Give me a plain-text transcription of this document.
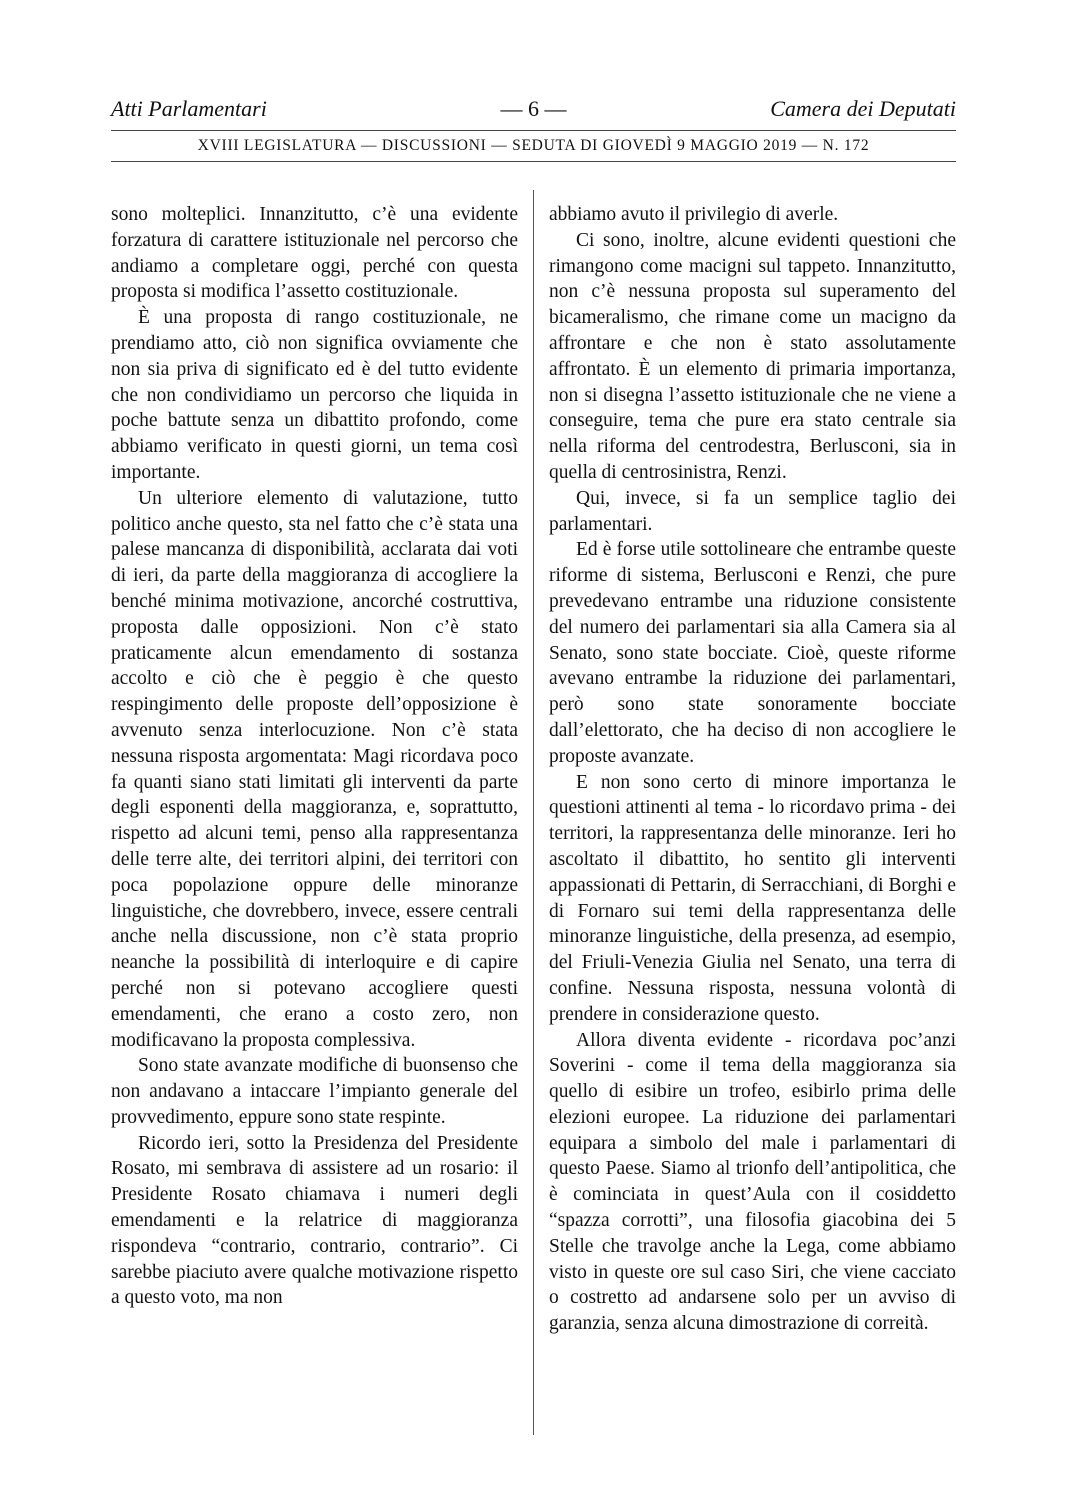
Atti Parlamentari	— 6 —	Camera dei Deputati
XVIII LEGISLATURA — DISCUSSIONI — SEDUTA DI GIOVEDÌ 9 MAGGIO 2019 — N. 172

sono molteplici. Innanzitutto, c’è una evidente forzatura di carattere istituzionale nel percorso che andiamo a completare oggi, perché con questa proposta si modifica l’assetto costituzionale.

È una proposta di rango costituzionale, ne prendiamo atto, ciò non significa ovviamente che non sia priva di significato ed è del tutto evidente che non condividiamo un percorso che liquida in poche battute senza un dibattito profondo, come abbiamo verificato in questi giorni, un tema così importante.

Un ulteriore elemento di valutazione, tutto politico anche questo, sta nel fatto che c’è stata una palese mancanza di disponibilità, acclarata dai voti di ieri, da parte della maggioranza di accogliere la benché minima motivazione, ancorché costruttiva, proposta dalle opposizioni. Non c’è stato praticamente alcun emendamento di sostanza accolto e ciò che è peggio è che questo respingimento delle proposte dell’opposizione è avvenuto senza interlocuzione. Non c’è stata nessuna risposta argomentata: Magi ricordava poco fa quanti siano stati limitati gli interventi da parte degli esponenti della maggioranza, e, soprattutto, rispetto ad alcuni temi, penso alla rappresentanza delle terre alte, dei territori alpini, dei territori con poca popolazione oppure delle minoranze linguistiche, che dovrebbero, invece, essere centrali anche nella discussione, non c’è stata proprio neanche la possibilità di interloquire e di capire perché non si potevano accogliere questi emendamenti, che erano a costo zero, non modificavano la proposta complessiva.

Sono state avanzate modifiche di buonsenso che non andavano a intaccare l’impianto generale del provvedimento, eppure sono state respinte.

Ricordo ieri, sotto la Presidenza del Presidente Rosato, mi sembrava di assistere ad un rosario: il Presidente Rosato chiamava i numeri degli emendamenti e la relatrice di maggioranza rispondeva “contrario, contrario, contrario”. Ci sarebbe piaciuto avere qualche motivazione rispetto a questo voto, ma non

abbiamo avuto il privilegio di averle.

Ci sono, inoltre, alcune evidenti questioni che rimangono come macigni sul tappeto. Innanzitutto, non c’è nessuna proposta sul superamento del bicameralismo, che rimane come un macigno da affrontare e che non è stato assolutamente affrontato. È un elemento di primaria importanza, non si disegna l’assetto istituzionale che ne viene a conseguire, tema che pure era stato centrale sia nella riforma del centrodestra, Berlusconi, sia in quella di centrosinistra, Renzi.

Qui, invece, si fa un semplice taglio dei parlamentari.

Ed è forse utile sottolineare che entrambe queste riforme di sistema, Berlusconi e Renzi, che pure prevedevano entrambe una riduzione consistente del numero dei parlamentari sia alla Camera sia al Senato, sono state bocciate. Cioè, queste riforme avevano entrambe la riduzione dei parlamentari, però sono state sonoramente bocciate dall’elettorato, che ha deciso di non accogliere le proposte avanzate.

E non sono certo di minore importanza le questioni attinenti al tema - lo ricordavo prima - dei territori, la rappresentanza delle minoranze. Ieri ho ascoltato il dibattito, ho sentito gli interventi appassionati di Pettarin, di Serracchiani, di Borghi e di Fornaro sui temi della rappresentanza delle minoranze linguistiche, della presenza, ad esempio, del Friuli-Venezia Giulia nel Senato, una terra di confine. Nessuna risposta, nessuna volontà di prendere in considerazione questo.

Allora diventa evidente - ricordava poc’anzi Soverini - come il tema della maggioranza sia quello di esibire un trofeo, esibirlo prima delle elezioni europee. La riduzione dei parlamentari equipara a simbolo del male i parlamentari di questo Paese. Siamo al trionfo dell’antipolitica, che è cominciata in quest’Aula con il cosiddetto “spazza corrotti”, una filosofia giacobina dei 5 Stelle che travolge anche la Lega, come abbiamo visto in queste ore sul caso Siri, che viene cacciato o costretto ad andarsene solo per un avviso di garanzia, senza alcuna dimostrazione di correità.
